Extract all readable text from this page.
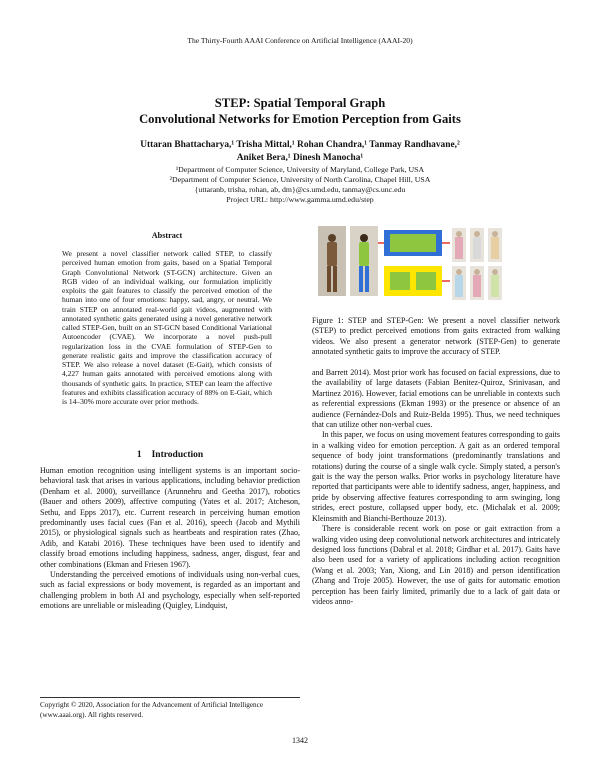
The Thirty-Fourth AAAI Conference on Artificial Intelligence (AAAI-20)
STEP: Spatial Temporal Graph
Convolutional Networks for Emotion Perception from Gaits
Uttaran Bhattacharya,¹ Trisha Mittal,¹ Rohan Chandra,¹ Tanmay Randhavane,²
Aniket Bera,¹ Dinesh Manocha¹
¹Department of Computer Science, University of Maryland, College Park, USA
²Department of Computer Science, University of North Carolina, Chapel Hill, USA
{uttaranb, trisha, rohan, ab, dm}@cs.umd.edu, tanmay@cs.unc.edu
Project URL: http://www.gamma.umd.edu/step
Abstract
We present a novel classifier network called STEP, to classify perceived human emotion from gaits, based on a Spatial Temporal Graph Convolutional Network (ST-GCN) architecture. Given an RGB video of an individual walking, our formulation implicitly exploits the gait features to classify the perceived emotion of the human into one of four emotions: happy, sad, angry, or neutral. We train STEP on annotated real-world gait videos, augmented with annotated synthetic gaits generated using a novel generative network called STEP-Gen, built on an ST-GCN based Conditional Variational Autoencoder (CVAE). We incorporate a novel push-pull regularization loss in the CVAE formulation of STEP-Gen to generate realistic gaits and improve the classification accuracy of STEP. We also release a novel dataset (E-Gait), which consists of 4,227 human gaits annotated with perceived emotions along with thousands of synthetic gaits. In practice, STEP can learn the affective features and exhibits classification accuracy of 88% on E-Gait, which is 14–30% more accurate over prior methods.
1 Introduction

Human emotion recognition using intelligent systems is an important socio-behavioral task that arises in various applications, including behavior prediction (Denham et al. 2000), surveillance (Arunnehru and Geetha 2017), robotics (Bauer and others 2009), affective computing (Yates et al. 2017; Atcheson, Sethu, and Epps 2017), etc. Current research in perceiving human emotion predominantly uses facial cues (Fan et al. 2016), speech (Jacob and Mythili 2015), or physiological signals such as heartbeats and respiration rates (Zhao, Adib, and Katabi 2016). These techniques have been used to identify and classify broad emotions including happiness, sadness, anger, disgust, fear and other combinations (Ekman and Friesen 1967).

Understanding the perceived emotions of individuals using non-verbal cues, such as facial expressions or body movement, is regarded as an important and challenging problem in both AI and psychology, especially when self-reported emotions are unreliable or misleading (Quigley, Lindquist,

Copyright © 2020, Association for the Advancement of Artificial Intelligence (www.aaai.org). All rights reserved.
Figure 1: STEP and STEP-Gen: We present a novel classifier network (STEP) to predict perceived emotions from gaits extracted from walking videos. We also present a generator network (STEP-Gen) to generate annotated synthetic gaits to improve the accuracy of STEP.

and Barrett 2014). Most prior work has focused on facial expressions, due to the availability of large datasets (Fabian Benitez-Quiroz, Srinivasan, and Martinez 2016). However, facial emotions can be unreliable in contexts such as referential expressions (Ekman 1993) or the presence or absence of an audience (Fernández-Dols and Ruiz-Belda 1995). Thus, we need techniques that can utilize other non-verbal cues.

In this paper, we focus on using movement features corresponding to gaits in a walking video for emotion perception. A gait as an ordered temporal sequence of body joint transformations (predominantly translations and rotations) during the course of a single walk cycle. Simply stated, a person's gait is the way the person walks. Prior works in psychology literature have reported that participants were able to identify sadness, anger, happiness, and pride by observing affective features corresponding to arm swinging, long strides, erect posture, collapsed upper body, etc. (Michalak et al. 2009; Kleinsmith and Bianchi-Berthouze 2013).

There is considerable recent work on pose or gait extraction from a walking video using deep convolutional network architectures and intricately designed loss functions (Dabral et al. 2018; Girdhar et al. 2017). Gaits have also been used for a variety of applications including action recognition (Wang et al. 2003; Yan, Xiong, and Lin 2018) and person identification (Zhang and Troje 2005). However, the use of gaits for automatic emotion perception has been fairly limited, primarily due to a lack of gait data or videos anno-

1342
